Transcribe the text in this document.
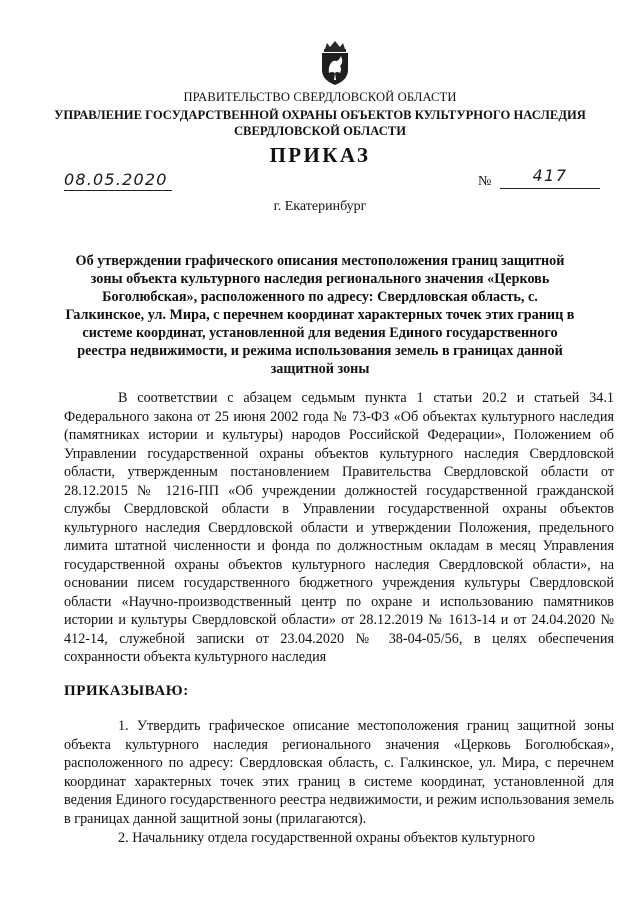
ПРАВИТЕЛЬСТВО СВЕРДЛОВСКОЙ ОБЛАСТИ
УПРАВЛЕНИЕ ГОСУДАРСТВЕННОЙ ОХРАНЫ ОБЪЕКТОВ КУЛЬТУРНОГО НАСЛЕДИЯ СВЕРДЛОВСКОЙ ОБЛАСТИ
ПРИКАЗ
08.05.2020	№	417
г. Екатеринбург

Об утверждении графического описания местоположения границ защитной зоны объекта культурного наследия регионального значения «Церковь Боголюбская», расположенного по адресу: Свердловская область, с. Галкинское, ул. Мира, с перечнем координат характерных точек этих границ в системе координат, установленной для ведения Единого государственного реестра недвижимости, и режима использования земель в границах данной защитной зоны

В соответствии с абзацем седьмым пункта 1 статьи 20.2 и статьей 34.1 Федерального закона от 25 июня 2002 года № 73-ФЗ «Об объектах культурного наследия (памятниках истории и культуры) народов Российской Федерации», Положением об Управлении государственной охраны объектов культурного наследия Свердловской области, утвержденным постановлением Правительства Свердловской области от 28.12.2015 № 1216-ПП «Об учреждении должностей государственной гражданской службы Свердловской области в Управлении государственной охраны объектов культурного наследия Свердловской области и утверждении Положения, предельного лимита штатной численности и фонда по должностным окладам в месяц Управления государственной охраны объектов культурного наследия Свердловской области», на основании писем государственного бюджетного учреждения культуры Свердловской области «Научно-производственный центр по охране и использованию памятников истории и культуры Свердловской области» от 28.12.2019 № 1613-14 и от 24.04.2020 № 412-14, служебной записки от 23.04.2020 № 38-04-05/56, в целях обеспечения сохранности объекта культурного наследия

ПРИКАЗЫВАЮ:

1. Утвердить графическое описание местоположения границ защитной зоны объекта культурного наследия регионального значения «Церковь Боголюбская», расположенного по адресу: Свердловская область, с. Галкинское, ул. Мира, с перечнем координат характерных точек этих границ в системе координат, установленной для ведения Единого государственного реестра недвижимости, и режим использования земель в границах данной защитной зоны (прилагаются).

2. Начальнику отдела государственной охраны объектов культурного
